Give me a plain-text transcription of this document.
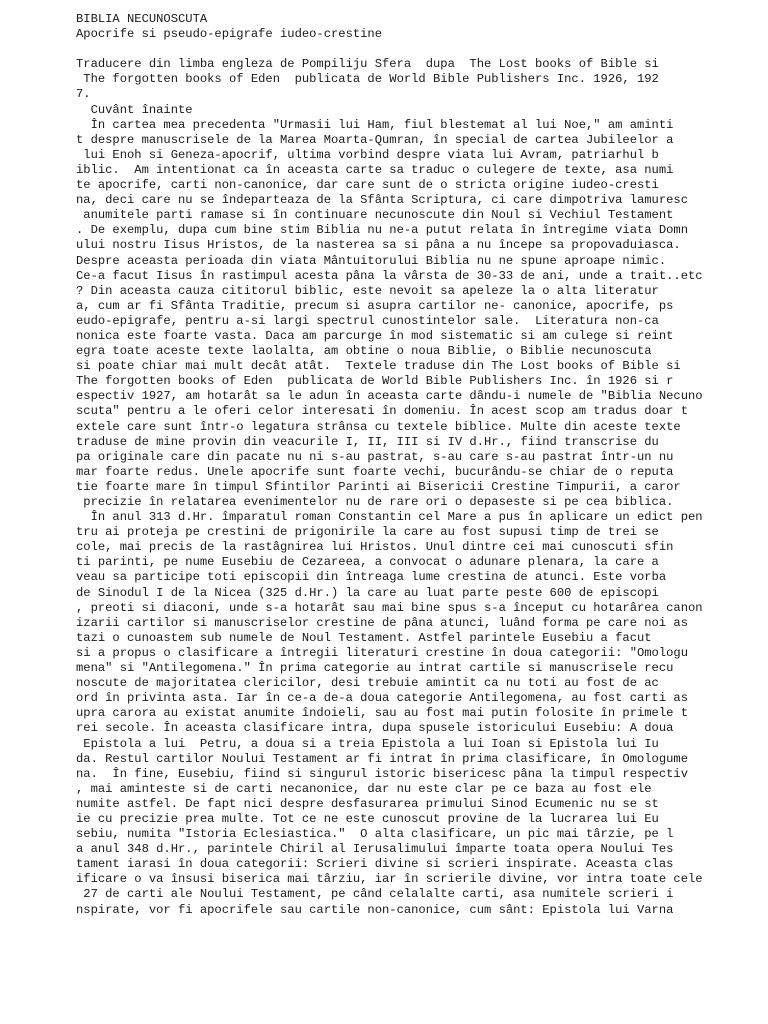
BIBLIA NECUNOSCUTA
Apocrife si pseudo-epigrafe iudeo-crestine
Traducere din limba engleza de Pompiliju Sfera  dupa  The Lost books of Bible si
The forgotten books of Eden  publicata de World Bible Publishers Inc. 1926, 192
7.
Cuvânt înainte
În cartea mea precedenta "Urmasii lui Ham, fiul blestemat al lui Noe," am aminti
t despre manuscrisele de la Marea Moarta-Qumran, în special de cartea Jubileelor a
lui Enoh si Geneza-apocrif, ultima vorbind despre viata lui Avram, patriarhul b
iblic.  Am intentionat ca în aceasta carte sa traduc o culegere de texte, asa numi
te apocrife, carti non-canonice, dar care sunt de o stricta origine iudeo-cresti
na, deci care nu se îndeparteaza de la Sfânta Scriptura, ci care dimpotriva lamuresc
anumitele parti ramase si în continuare necunoscute din Noul si Vechiul Testament
. De exemplu, dupa cum bine stim Biblia nu ne-a putut relata în întregime viata Domn
ului nostru Iisus Hristos, de la nasterea sa si pâna a nu începe sa propovaduiasca.
Despre aceasta perioada din viata Mântuitorului Biblia nu ne spune aproape nimic.
Ce-a facut Iisus în rastimpul acesta pâna la vârsta de 30-33 de ani, unde a trait..etc
? Din aceasta cauza cititorul biblic, este nevoit sa apeleze la o alta literatur
a, cum ar fi Sfânta Traditie, precum si asupra cartilor ne- canonice, apocrife, ps
eudo-epigrafe, pentru a-si largi spectrul cunostintelor sale.  Literatura non-ca
nonica este foarte vasta. Daca am parcurge în mod sistematic si am culege si reint
egra toate aceste texte laolalta, am obtine o noua Biblie, o Biblie necunoscuta
si poate chiar mai mult decât atât.  Textele traduse din The Lost books of Bible si
The forgotten books of Eden  publicata de World Bible Publishers Inc. în 1926 si r
espectiv 1927, am hotarât sa le adun în aceasta carte dându-i numele de "Biblia Necuno
scuta" pentru a le oferi celor interesati în domeniu. În acest scop am tradus doar t
extele care sunt într-o legatura strânsa cu textele biblice. Multe din aceste texte
traduse de mine provin din veacurile I, II, III si IV d.Hr., fiind transcrise du
pa originale care din pacate nu ni s-au pastrat, s-au care s-au pastrat într-un nu
mar foarte redus. Unele apocrife sunt foarte vechi, bucurându-se chiar de o reputa
tie foarte mare în timpul Sfintilor Parinti ai Bisericii Crestine Timpurii, a caror
precizie în relatarea evenimentelor nu de rare ori o depaseste si pe cea biblica.
În anul 313 d.Hr. împaratul roman Constantin cel Mare a pus în aplicare un edict pen
tru ai proteja pe crestini de prigonirile la care au fost supusi timp de trei se
cole, mai precis de la rastâgnirea lui Hristos. Unul dintre cei mai cunoscuti sfin
ti parinti, pe nume Eusebiu de Cezareea, a convocat o adunare plenara, la care a
veau sa participe toti episcopii din întreaga lume crestina de atunci. Este vorba
de Sinodul I de la Nicea (325 d.Hr.) la care au luat parte peste 600 de episcopi
, preoti si diaconi, unde s-a hotarât sau mai bine spus s-a început cu hotarârea canon
izarii cartilor si manuscriselor crestine de pâna atunci, luând forma pe care noi as
tazi o cunoastem sub numele de Noul Testament. Astfel parintele Eusebiu a facut
si a propus o clasificare a întregii literaturi crestine în doua categorii: "Omologu
mena" si "Antilegomena." În prima categorie au intrat cartile si manuscrisele recu
noscute de majoritatea clericilor, desi trebuie amintit ca nu toti au fost de ac
ord în privinta asta. Iar în ce-a de-a doua categorie Antilegomena, au fost carti as
upra carora au existat anumite îndoieli, sau au fost mai putin folosite în primele t
rei secole. În aceasta clasificare intra, dupa spusele istoricului Eusebiu: A doua
Epistola a lui  Petru, a doua si a treia Epistola a lui Ioan si Epistola lui Iu
da. Restul cartilor Noului Testament ar fi intrat în prima clasificare, în Omologume
na.  În fine, Eusebiu, fiind si singurul istoric bisericesc pâna la timpul respectiv
, mai aminteste si de carti necanonice, dar nu este clar pe ce baza au fost ele
numite astfel. De fapt nici despre desfasurarea primului Sinod Ecumenic nu se st
ie cu precizie prea multe. Tot ce ne este cunoscut provine de la lucrarea lui Eu
sebiu, numita "Istoria Eclesiastica."  O alta clasificare, un pic mai târzie, pe l
a anul 348 d.Hr., parintele Chiril al Ierusalimului împarte toata opera Noului Tes
tament iarasi în doua categorii: Scrieri divine si scrieri inspirate. Aceasta clas
ificare o va însusi biserica mai târziu, iar în scrierile divine, vor intra toate cele
27 de carti ale Noului Testament, pe când celalalte carti, asa numitele scrieri i
nspirate, vor fi apocrifele sau cartile non-canonice, cum sânt: Epistola lui Varna
